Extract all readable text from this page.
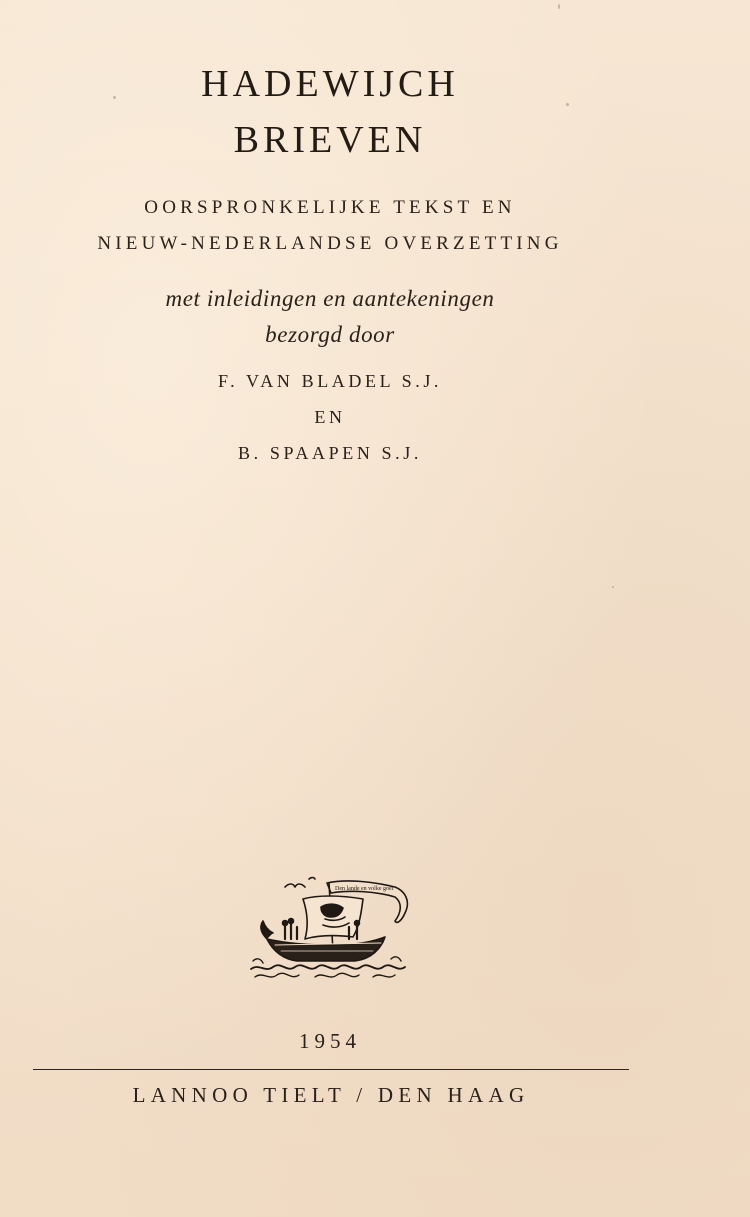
HADEWIJCH
BRIEVEN
OORSPRONKELIJKE TEKST EN
NIEUW-NEDERLANDSE OVERZETTING
met inleidingen en aantekeningen
bezorgd door
F. VAN BLADEL S.J.
EN
B. SPAAPEN S.J.
Den lande en volke goet
1954
LANNOO TIELT / DEN HAAG
